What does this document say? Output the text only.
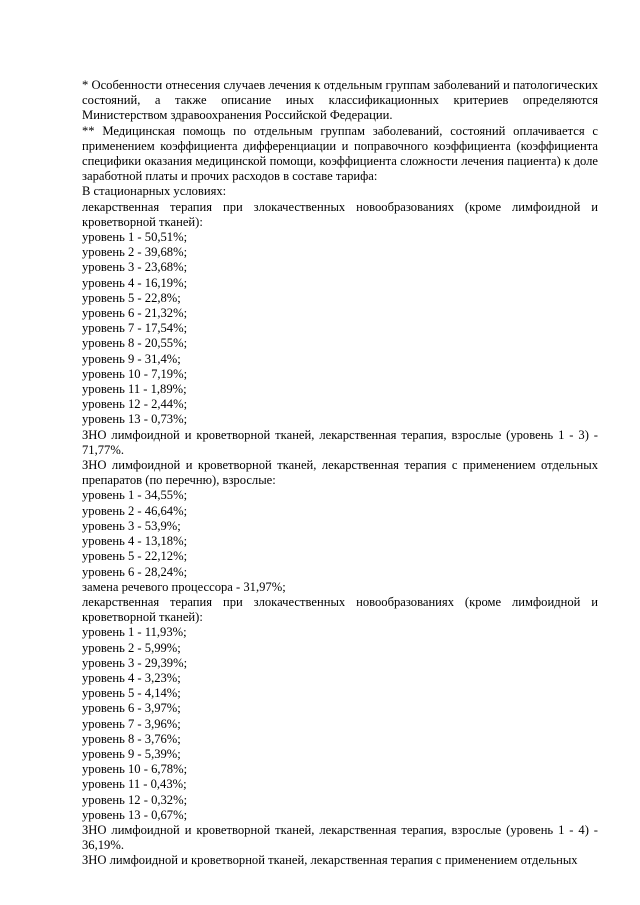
* Особенности отнесения случаев лечения к отдельным группам заболеваний и патологических состояний, а также описание иных классификационных критериев определяются Министерством здравоохранения Российской Федерации.

** Медицинская помощь по отдельным группам заболеваний, состояний оплачивается с применением коэффициента дифференциации и поправочного коэффициента (коэффициента специфики оказания медицинской помощи, коэффициента сложности лечения пациента) к доле заработной платы и прочих расходов в составе тарифа:

В стационарных условиях:

лекарственная терапия при злокачественных новообразованиях (кроме лимфоидной и кроветворной тканей):

уровень 1 - 50,51%;

уровень 2 - 39,68%;

уровень 3 - 23,68%;

уровень 4 - 16,19%;

уровень 5 - 22,8%;

уровень 6 - 21,32%;

уровень 7 - 17,54%;

уровень 8 - 20,55%;

уровень 9 - 31,4%;

уровень 10 - 7,19%;

уровень 11 - 1,89%;

уровень 12 - 2,44%;

уровень 13 - 0,73%;

ЗНО лимфоидной и кроветворной тканей, лекарственная терапия, взрослые (уровень 1 - 3) - 71,77%.

ЗНО лимфоидной и кроветворной тканей, лекарственная терапия с применением отдельных препаратов (по перечню), взрослые:

уровень 1 - 34,55%;

уровень 2 - 46,64%;

уровень 3 - 53,9%;

уровень 4 - 13,18%;

уровень 5 - 22,12%;

уровень 6 - 28,24%;

замена речевого процессора - 31,97%;

лекарственная терапия при злокачественных новообразованиях (кроме лимфоидной и кроветворной тканей):

уровень 1 - 11,93%;

уровень 2 - 5,99%;

уровень 3 - 29,39%;

уровень 4 - 3,23%;

уровень 5 - 4,14%;

уровень 6 - 3,97%;

уровень 7 - 3,96%;

уровень 8 - 3,76%;

уровень 9 - 5,39%;

уровень 10 - 6,78%;

уровень 11 - 0,43%;

уровень 12 - 0,32%;

уровень 13 - 0,67%;

ЗНО лимфоидной и кроветворной тканей, лекарственная терапия, взрослые (уровень 1 - 4) - 36,19%.

ЗНО лимфоидной и кроветворной тканей, лекарственная терапия с применением отдельных
